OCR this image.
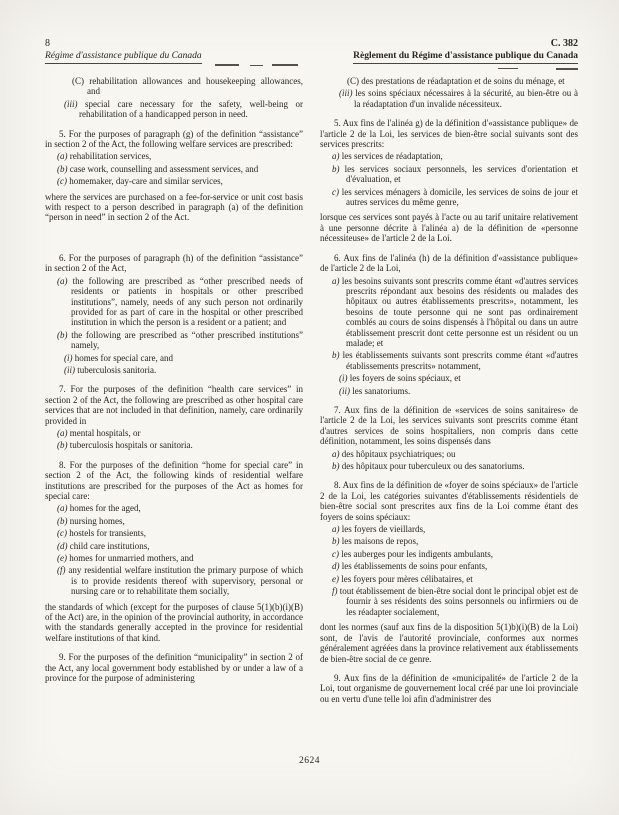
8	C. 382
Régime d'assistance publique du Canada	Règlement du Régime d'assistance publique du Canada
(C) rehabilitation allowances and housekeeping allowances, and
(iii) special care necessary for the safety, well-being or rehabilitation of a handicapped person in need.
5. For the purposes of paragraph (g) of the definition “assistance” in section 2 of the Act, the following welfare services are prescribed:
(a) rehabilitation services,
(b) case work, counselling and assessment services, and
(c) homemaker, day-care and similar services,
where the services are purchased on a fee-for-service or unit cost basis with respect to a person described in paragraph (a) of the definition “person in need” in section 2 of the Act.
6. For the purposes of paragraph (h) of the definition “assistance” in section 2 of the Act,
(a) the following are prescribed as “other prescribed needs of residents or patients in hospitals or other prescribed institutions”, namely, needs of any such person not ordinarily provided for as part of care in the hospital or other prescribed institution in which the person is a resident or a patient; and
(b) the following are prescribed as “other prescribed institutions” namely,
(i) homes for special care, and
(ii) tuberculosis sanitoria.
7. For the purposes of the definition “health care services” in section 2 of the Act, the following are prescribed as other hospital care services that are not included in that definition, namely, care ordinarily provided in
(a) mental hospitals, or
(b) tuberculosis hospitals or sanitoria.
8. For the purposes of the definition “home for special care” in section 2 of the Act, the following kinds of residential welfare institutions are prescribed for the purposes of the Act as homes for special care:
(a) homes for the aged,
(b) nursing homes,
(c) hostels for transients,
(d) child care institutions,
(e) homes for unmarried mothers, and
(f) any residential welfare institution the primary purpose of which is to provide residents thereof with supervisory, personal or nursing care or to rehabilitate them socially,
the standards of which (except for the purposes of clause 5(1)(b)(i)(B) of the Act) are, in the opinion of the provincial authority, in accordance with the standards generally accepted in the province for residential welfare institutions of that kind.
9. For the purposes of the definition “municipality” in section 2 of the Act, any local government body established by or under a law of a province for the purpose of administering
(C) des prestations de réadaptation et de soins du ménage, et
(iii) les soins spéciaux nécessaires à la sécurité, au bien-être ou à la réadaptation d'un invalide nécessiteux.
5. Aux fins de l'alinéa g) de la définition d'«assistance publique» de l'article 2 de la Loi, les services de bien-être social suivants sont des services prescrits:
a) les services de réadaptation,
b) les services sociaux personnels, les services d'orientation et d'évaluation, et
c) les services ménagers à domicile, les services de soins de jour et autres services du même genre,
lorsque ces services sont payés à l'acte ou au tarif unitaire relativement à une personne décrite à l'alinéa a) de la définition de «personne nécessiteuse» de l'article 2 de la Loi.
6. Aux fins de l'alinéa (h) de la définition d'«assistance publique» de l'article 2 de la Loi,
a) les besoins suivants sont prescrits comme étant «d'autres services prescrits répondant aux besoins des résidents ou malades des hôpitaux ou autres établissements prescrits», notamment, les besoins de toute personne qui ne sont pas ordinairement comblés au cours de soins dispensés à l'hôpital ou dans un autre établissement prescrit dont cette personne est un résident ou un malade; et
b) les établissements suivants sont prescrits comme étant «d'autres établissements prescrits» notamment,
(i) les foyers de soins spéciaux, et
(ii) les sanatoriums.
7. Aux fins de la définition de «services de soins sanitaires» de l'article 2 de la Loi, les services suivants sont prescrits comme étant d'autres services de soins hospitaliers, non compris dans cette définition, notamment, les soins dispensés dans
a) des hôpitaux psychiatriques; ou
b) des hôpitaux pour tuberculeux ou des sanatoriums.
8. Aux fins de la définition de «foyer de soins spéciaux» de l'article 2 de la Loi, les catégories suivantes d'établissements résidentiels de bien-être social sont prescrites aux fins de la Loi comme étant des foyers de soins spéciaux:
a) les foyers de vieillards,
b) les maisons de repos,
c) les auberges pour les indigents ambulants,
d) les établissements de soins pour enfants,
e) les foyers pour mères célibataires, et
f) tout établissement de bien-être social dont le principal objet est de fournir à ses résidents des soins personnels ou infirmiers ou de les réadapter socialement,
dont les normes (sauf aux fins de la disposition 5(1)b)(i)(B) de la Loi) sont, de l'avis de l'autorité provinciale, conformes aux normes généralement agréées dans la province relativement aux établissements de bien-être social de ce genre.
9. Aux fins de la définition de «municipalité» de l'article 2 de la Loi, tout organisme de gouvernement local créé par une loi provinciale ou en vertu d'une telle loi afin d'administrer des
2624
